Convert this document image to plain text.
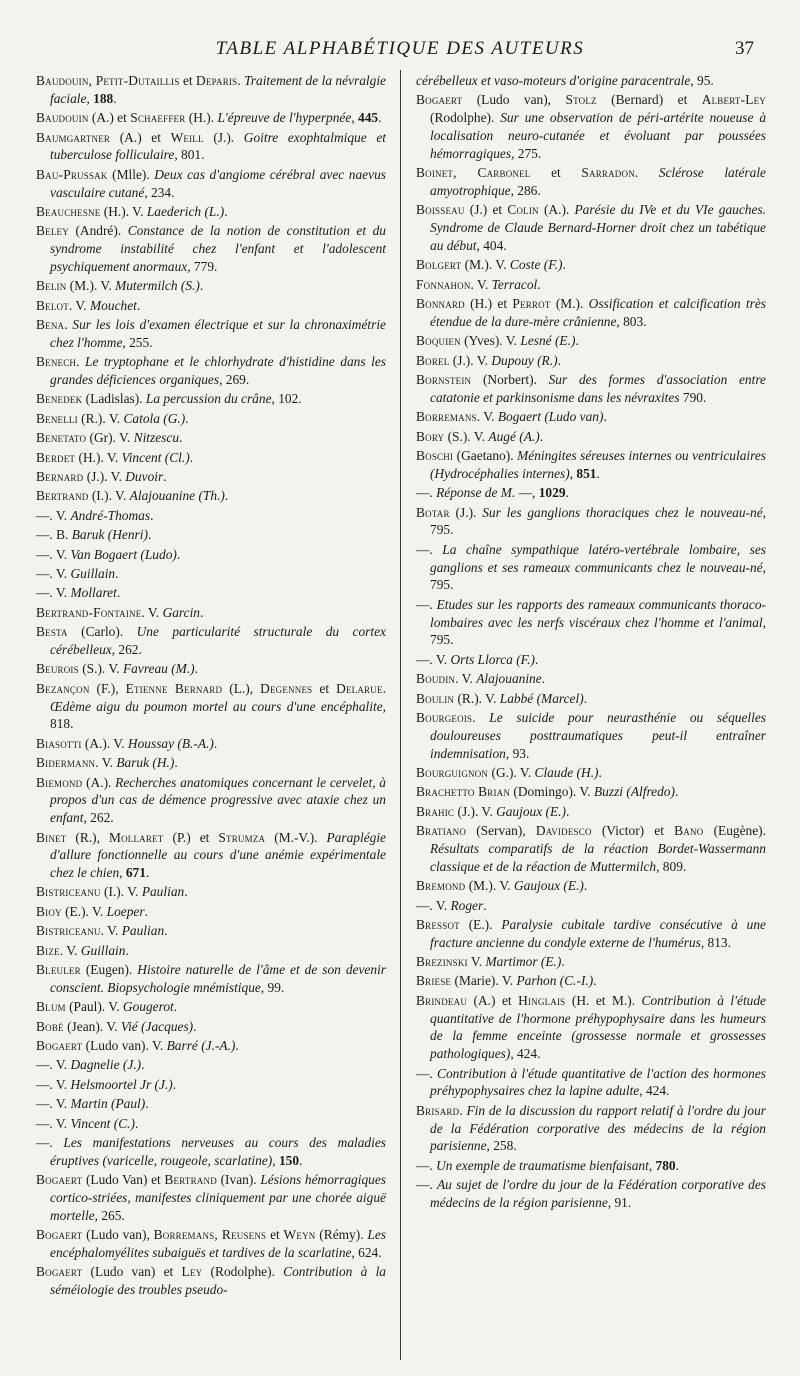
TABLE ALPHABÉTIQUE DES AUTEURS	37

Baudouin, Petit-Dutaillis et Deparis. Traitement de la névralgie faciale, 188.

Baudouin (A.) et Schaeffer (H.). L'épreuve de l'hyperpnée, 445.

Baumgartner (A.) et Weill (J.). Goitre exophtalmique et tuberculose folliculaire, 801.

Bau-Prussak (Mlle). Deux cas d'angiome cérébral avec naevus vasculaire cutané, 234.

Beauchesne (H.). V. Laederich (L.).

Beley (André). Constance de la notion de constitution et du syndrome instabilité chez l'enfant et l'adolescent psychiquement anormaux, 779.

Belin (M.). V. Mutermilch (S.).

Belot. V. Mouchet.

Bena. Sur les lois d'examen électrique et sur la chronaximétrie chez l'homme, 255.

Benech. Le tryptophane et le chlorhydrate d'histidine dans les grandes déficiences organiques, 269.

Benedek (Ladislas). La percussion du crâne, 102.

Benelli (R.). V. Catola (G.).

Benetato (Gr). V. Nitzescu.

Berdet (H.). V. Vincent (Cl.).

Bernard (J.). V. Duvoir.

Bertrand (I.). V. Alajouanine (Th.).

—. V. André-Thomas.

—. B. Baruk (Henri).

—. V. Van Bogaert (Ludo).

—. V. Guillain.

—. V. Mollaret.

Bertrand-Fontaine. V. Garcin.

Besta (Carlo). Une particularité structurale du cortex cérébelleux, 262.

Beurois (S.). V. Favreau (M.).

Bezançon (F.), Etienne Bernard (L.), Degennes et Delarue. Œdème aigu du poumon mortel au cours d'une encéphalite, 818.

Biasotti (A.). V. Houssay (B.-A.).

Bidermann. V. Baruk (H.).

Biemond (A.). Recherches anatomiques concernant le cervelet, à propos d'un cas de démence progressive avec ataxie chez un enfant, 262.

Binet (R.), Mollaret (P.) et Strumza (M.-V.). Paraplégie d'allure fonctionnelle au cours d'une anémie expérimentale chez le chien, 671.

Bistriceanu (I.). V. Paulian.

Bioy (E.). V. Loeper.

Bistriceanu. V. Paulian.

Bize. V. Guillain.

Bleuler (Eugen). Histoire naturelle de l'âme et de son devenir conscient. Biopsychologie mnémistique, 99.

Blum (Paul). V. Gougerot.

Bobé (Jean). V. Vié (Jacques).

Bogaert (Ludo van). V. Barré (J.-A.).

—. V. Dagnelie (J.).

—. V. Helsmoortel Jr (J.).

—. V. Martin (Paul).

—. V. Vincent (C.).

—. Les manifestations nerveuses au cours des maladies éruptives (varicelle, rougeole, scarlatine), 150.

Bogaert (Ludo Van) et Bertrand (Ivan). Lésions hémorragiques cortico-striées, manifestes cliniquement par une chorée aiguë mortelle, 265.

Bogaert (Ludo van), Borremans, Reusens et Weyn (Rémy). Les encéphalomyélites subaiguës et tardives de la scarlatine, 624.

Bogaert (Ludo van) et Ley (Rodolphe). Contribution à la séméiologie des troubles pseudo-

cérébelleux et vaso-moteurs d'origine paracentrale, 95.

Bogaert (Ludo van), Stolz (Bernard) et Albert-Ley (Rodolphe). Sur une observation de péri-artérite noueuse à localisation neuro-cutanée et évoluant par poussées hémorragiques, 275.

Boinet, Carbonel et Sarradon. Sclérose latérale amyotrophique, 286.

Boisseau (J.) et Colin (A.). Parésie du IVe et du VIe gauches. Syndrome de Claude Bernard-Horner droit chez un tabétique au début, 404.

Bolgert (M.). V. Coste (F.).

Fonnahon. V. Terracol.

Bonnard (H.) et Perrot (M.). Ossification et calcification très étendue de la dure-mère crânienne, 803.

Boquien (Yves). V. Lesné (E.).

Borel (J.). V. Dupouy (R.).

Bornstein (Norbert). Sur des formes d'association entre catatonie et parkinsonisme dans les névraxites 790.

Borremans. V. Bogaert (Ludo van).

Bory (S.). V. Augé (A.).

Boschi (Gaetano). Méningites séreuses internes ou ventriculaires (Hydrocéphalies internes), 851.

—. Réponse de M. —, 1029.

Botar (J.). Sur les ganglions thoraciques chez le nouveau-né, 795.

—. La chaîne sympathique latéro-vertébrale lombaire, ses ganglions et ses rameaux communicants chez le nouveau-né, 795.

—. Etudes sur les rapports des rameaux communicants thoraco-lombaires avec les nerfs viscéraux chez l'homme et l'animal, 795.

—. V. Orts Llorca (F.).

Boudin. V. Alajouanine.

Boulin (R.). V. Labbé (Marcel).

Bourgeois. Le suicide pour neurasthénie ou séquelles douloureuses posttraumatiques peut-il entraîner indemnisation, 93.

Bourguignon (G.). V. Claude (H.).

Brachetto Brian (Domingo). V. Buzzi (Alfredo).

Brahic (J.). V. Gaujoux (E.).

Bratiano (Servan), Davidesco (Victor) et Bano (Eugène). Résultats comparatifs de la réaction Bordet-Wassermann classique et de la réaction de Muttermilch, 809.

Bremond (M.). V. Gaujoux (E.).

—. V. Roger.

Bressot (E.). Paralysie cubitale tardive consécutive à une fracture ancienne du condyle externe de l'humérus, 813.

Brezinski V. Martimor (E.).

Briese (Marie). V. Parhon (C.-I.).

Brindeau (A.) et Hinglais (H. et M.). Contribution à l'étude quantitative de l'hormone préhypophysaire dans les humeurs de la femme enceinte (grossesse normale et grossesses pathologiques), 424.

—. Contribution à l'étude quantitative de l'action des hormones préhypophysaires chez la lapine adulte, 424.

Brisard. Fin de la discussion du rapport relatif à l'ordre du jour de la Fédération corporative des médecins de la région parisienne, 258.

—. Un exemple de traumatisme bienfaisant, 780.

—. Au sujet de l'ordre du jour de la Fédération corporative des médecins de la région parisienne, 91.
